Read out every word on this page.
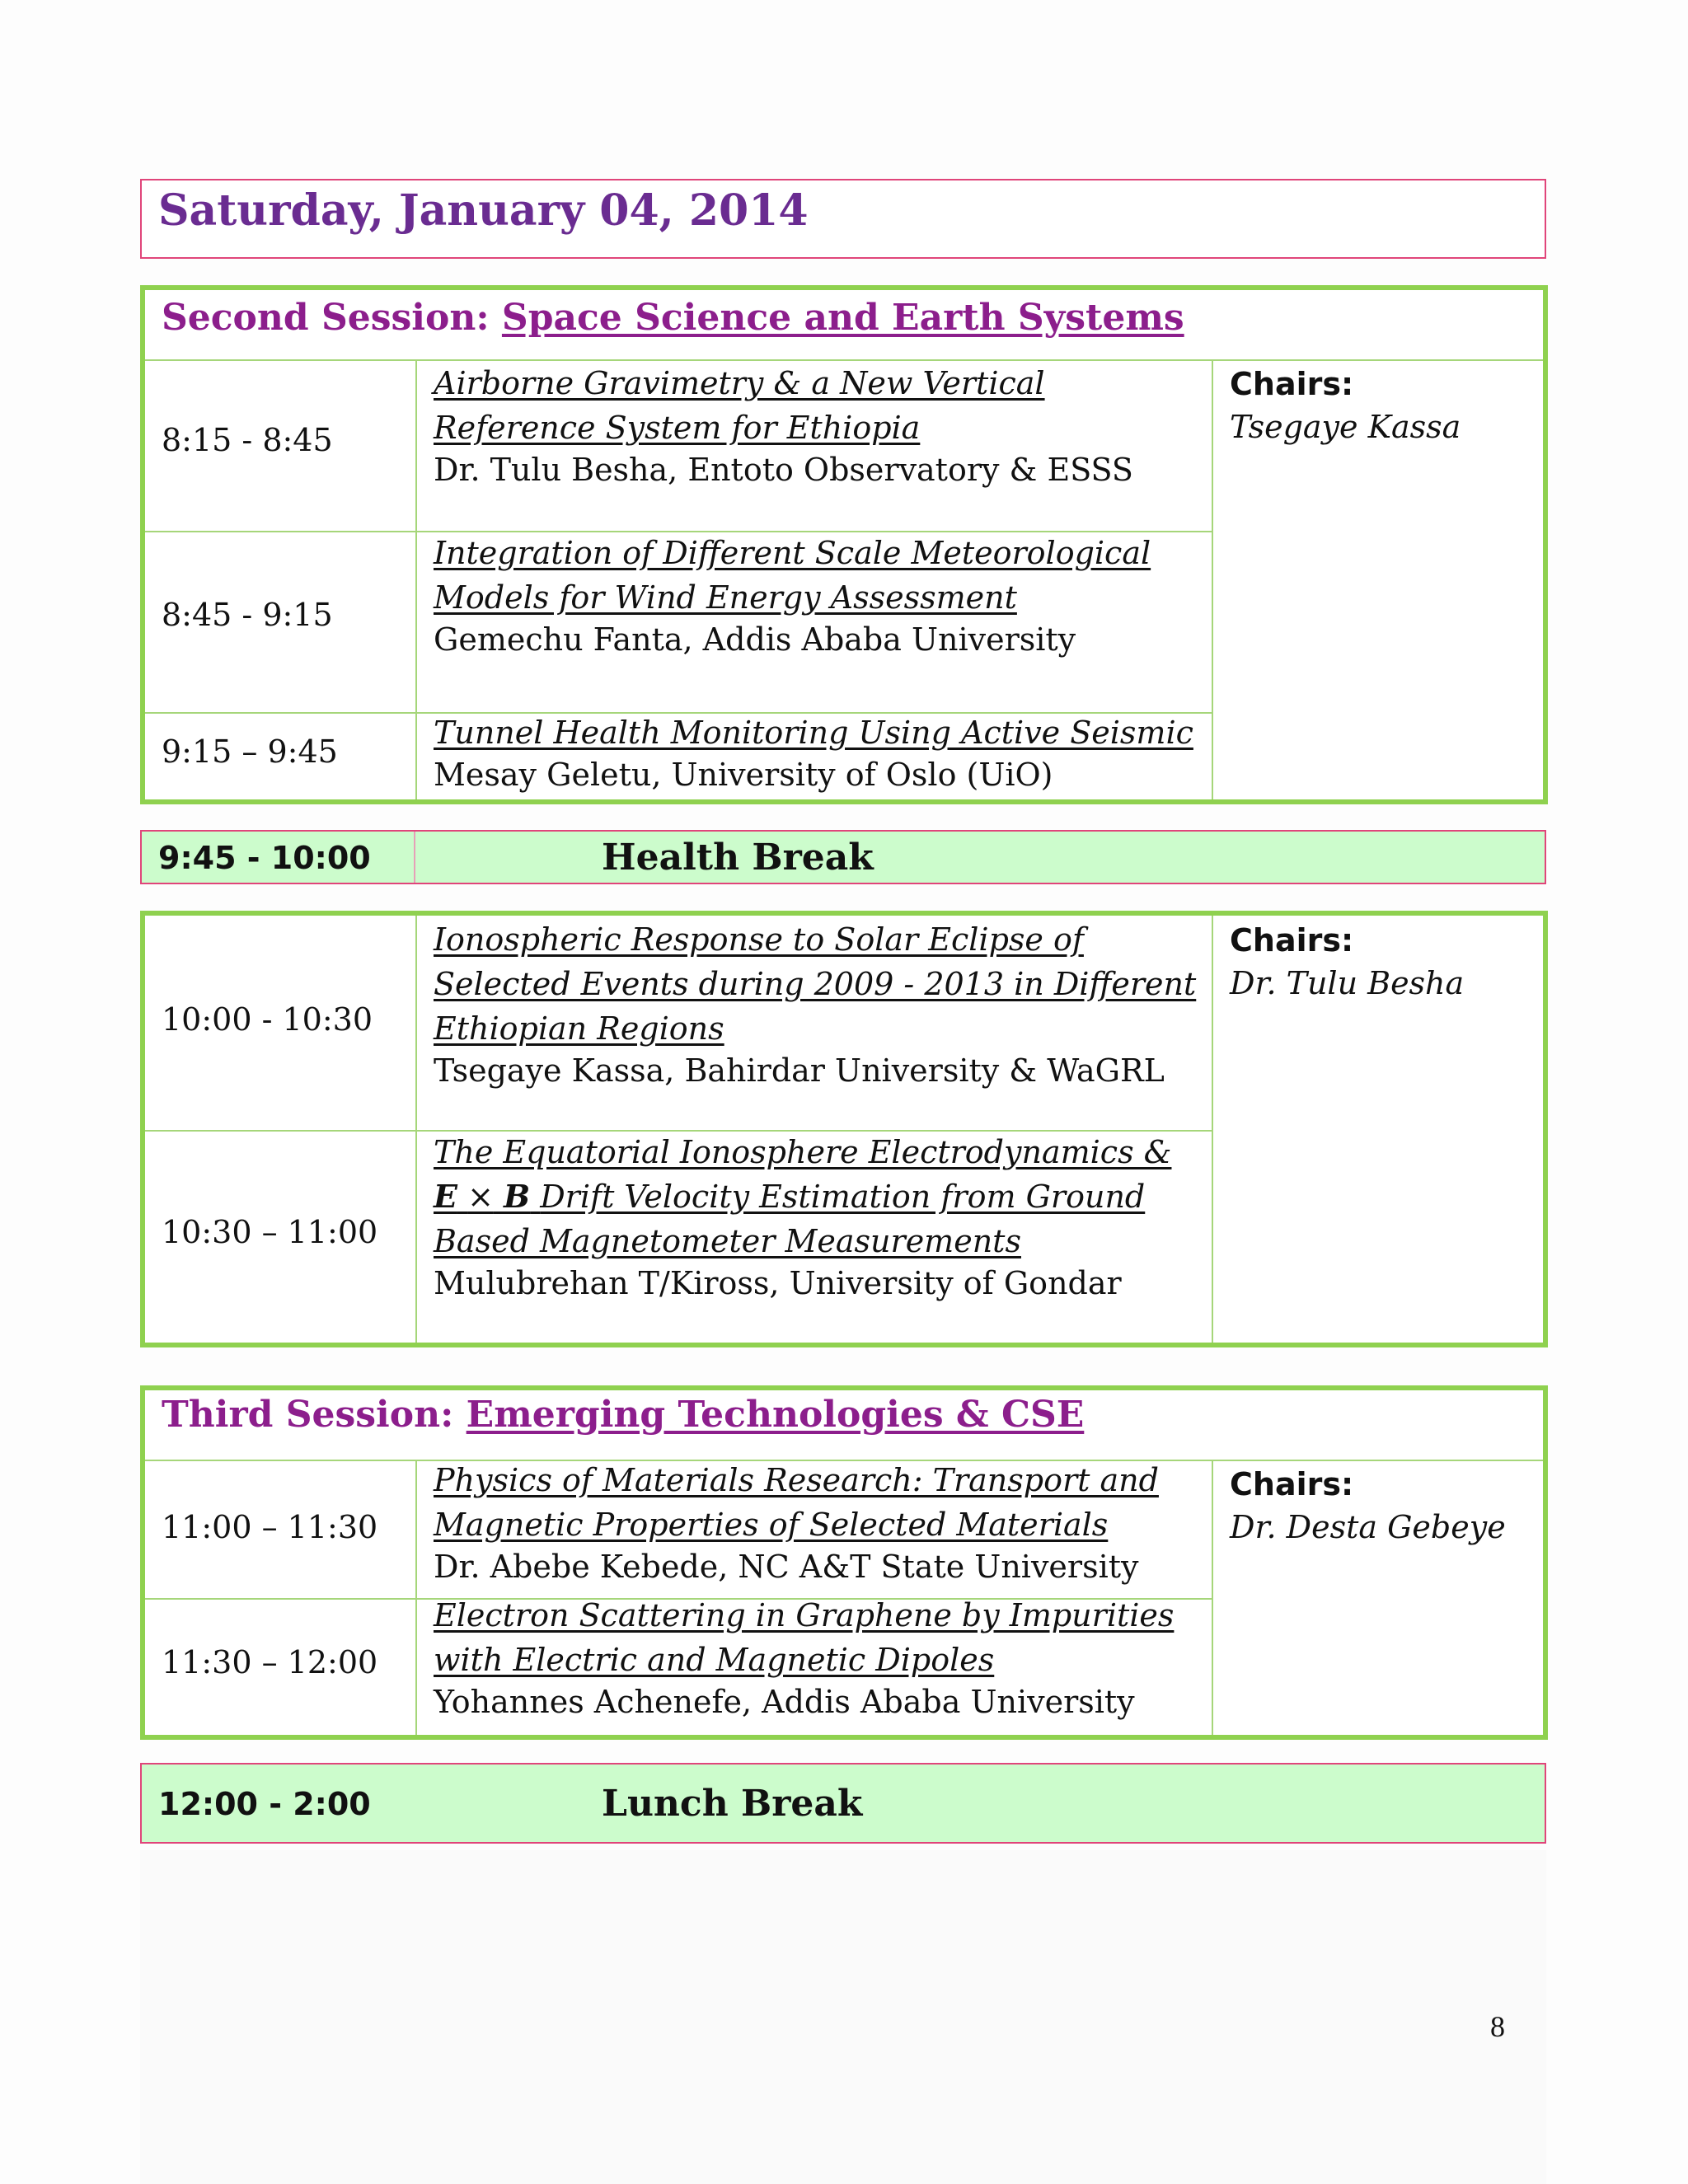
Saturday, January 04, 2014
Second Session: Space Science and Earth Systems
8:15 - 8:45
Airborne Gravimetry & a New Vertical
Reference System for Ethiopia
Dr. Tulu Besha, Entoto Observatory & ESSS
8:45 - 9:15
Integration of Different Scale Meteorological
Models for Wind Energy Assessment
Gemechu Fanta, Addis Ababa University
9:15 – 9:45
Tunnel Health Monitoring Using Active Seismic
Mesay Geletu, University of Oslo (UiO)
Chairs:
Tsegaye Kassa
9:45 - 10:00	Health Break
10:00 - 10:30
Ionospheric Response to Solar Eclipse of
Selected Events during 2009 - 2013 in Different
Ethiopian Regions
Tsegaye Kassa, Bahirdar University & WaGRL
10:30 – 11:00
The Equatorial Ionosphere Electrodynamics &
E × B Drift Velocity Estimation from Ground
Based Magnetometer Measurements
Mulubrehan T/Kiross, University of Gondar
Chairs:
Dr. Tulu Besha
Third Session: Emerging Technologies & CSE
11:00 – 11:30
Physics of Materials Research: Transport and
Magnetic Properties of Selected Materials
Dr. Abebe Kebede, NC A&T State University
11:30 – 12:00
Electron Scattering in Graphene by Impurities
with Electric and Magnetic Dipoles
Yohannes Achenefe, Addis Ababa University
Chairs:
Dr. Desta Gebeye
12:00 - 2:00	Lunch Break
8
